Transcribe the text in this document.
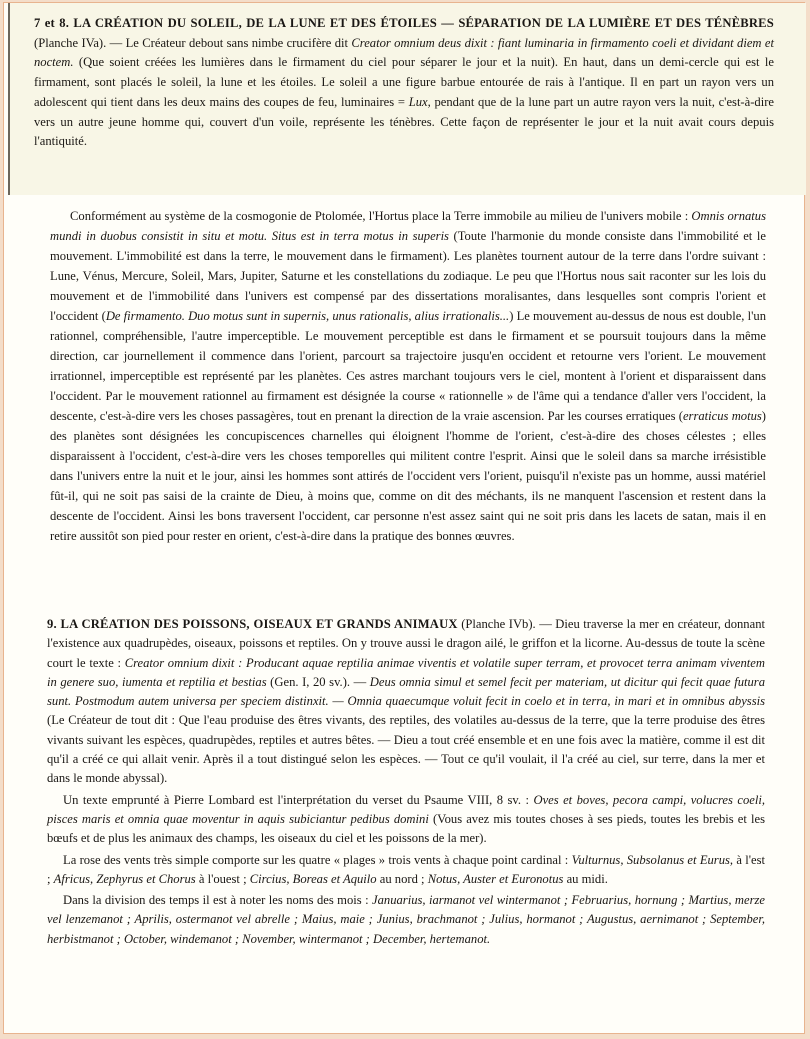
7 et 8. LA CRÉATION DU SOLEIL, DE LA LUNE ET DES ÉTOILES — SÉPARATION DE LA LUMIÈRE ET DES TÉNÈBRES (Planche IVa). — Le Créateur debout sans nimbe crucifère dit Creator omnium deus dixit : fiant luminaria in firmamento coeli et dividant diem et noctem. (Que soient créées les lumières dans le firmament du ciel pour séparer le jour et la nuit). En haut, dans un demi-cercle qui est le firmament, sont placés le soleil, la lune et les étoiles. Le soleil a une figure barbue entourée de rais à l'antique. Il en part un rayon vers un adolescent qui tient dans les deux mains des coupes de feu, luminaires = Lux, pendant que de la lune part un autre rayon vers la nuit, c'est-à-dire vers un autre jeune homme qui, couvert d'un voile, représente les ténèbres. Cette façon de représenter le jour et la nuit avait cours depuis l'antiquité.

Conformément au système de la cosmogonie de Ptolomée, l'Hortus place la Terre immobile au milieu de l'univers mobile : Omnis ornatus mundi in duobus consistit in situ et motu. Situs est in terra motus in superis (Toute l'harmonie du monde consiste dans l'immobilité et le mouvement. L'immobilité est dans la terre, le mouvement dans le firmament). Les planètes tournent autour de la terre dans l'ordre suivant : Lune, Vénus, Mercure, Soleil, Mars, Jupiter, Saturne et les constellations du zodiaque. Le peu que l'Hortus nous sait raconter sur les lois du mouvement et de l'immobilité dans l'univers est compensé par des dissertations moralisantes, dans lesquelles sont compris l'orient et l'occident (De firmamento. Duo motus sunt in supernis, unus rationalis, alius irrationalis...) Le mouvement au-dessus de nous est double, l'un rationnel, compréhensible, l'autre imperceptible. Le mouvement perceptible est dans le firmament et se poursuit toujours dans la même direction, car journellement il commence dans l'orient, parcourt sa trajectoire jusqu'en occident et retourne vers l'orient. Le mouvement irrationnel, imperceptible est représenté par les planètes. Ces astres marchant toujours vers le ciel, montent à l'orient et disparaissent dans l'occident. Par le mouvement rationnel au firmament est désignée la course « rationnelle » de l'âme qui a tendance d'aller vers l'occident, la descente, c'est-à-dire vers les choses passagères, tout en prenant la direction de la vraie ascension. Par les courses erratiques (erraticus motus) des planètes sont désignées les concupiscences charnelles qui éloignent l'homme de l'orient, c'est-à-dire des choses célestes ; elles disparaissent à l'occident, c'est-à-dire vers les choses temporelles qui militent contre l'esprit. Ainsi que le soleil dans sa marche irrésistible dans l'univers entre la nuit et le jour, ainsi les hommes sont attirés de l'occident vers l'orient, puisqu'il n'existe pas un homme, aussi matériel fût-il, qui ne soit pas saisi de la crainte de Dieu, à moins que, comme on dit des méchants, ils ne manquent l'ascension et restent dans la descente de l'occident. Ainsi les bons traversent l'occident, car personne n'est assez saint qui ne soit pris dans les lacets de satan, mais il en retire aussitôt son pied pour rester en orient, c'est-à-dire dans la pratique des bonnes œuvres.

9. LA CRÉATION DES POISSONS, OISEAUX ET GRANDS ANIMAUX (Planche IVb). — Dieu traverse la mer en créateur, donnant l'existence aux quadrupèdes, oiseaux, poissons et reptiles. On y trouve aussi le dragon ailé, le griffon et la licorne. Au-dessus de toute la scène court le texte : Creator omnium dixit : Producant aquae reptilia animae viventis et volatile super terram, et provocet terra animam viventem in genere suo, iumenta et reptilia et bestias (Gen. I, 20 sv.). — Deus omnia simul et semel fecit per materiam, ut dicitur qui fecit quae futura sunt. Postmodum autem universa per speciem distinxit. — Omnia quaecumque voluit fecit in coelo et in terra, in mari et in omnibus abyssis (Le Créateur de tout dit : Que l'eau produise des êtres vivants, des reptiles, des volatiles au-dessus de la terre, que la terre produise des êtres vivants suivant les espèces, quadrupèdes, reptiles et autres bêtes. — Dieu a tout créé ensemble et en une fois avec la matière, comme il est dit qu'il a créé ce qui allait venir. Après il a tout distingué selon les espèces. — Tout ce qu'il voulait, il l'a créé au ciel, sur terre, dans la mer et dans le monde abyssal).

Un texte emprunté à Pierre Lombard est l'interprétation du verset du Psaume VIII, 8 sv. : Oves et boves, pecora campi, volucres coeli, pisces maris et omnia quae moventur in aquis subiciantur pedibus domini (Vous avez mis toutes choses à ses pieds, toutes les brebis et les bœufs et de plus les animaux des champs, les oiseaux du ciel et les poissons de la mer).

La rose des vents très simple comporte sur les quatre « plages » trois vents à chaque point cardinal : Vulturnus, Subsolanus et Eurus, à l'est ; Africus, Zephyrus et Chorus à l'ouest ; Circius, Boreas et Aquilo au nord ; Notus, Auster et Euronotus au midi.

Dans la division des temps il est à noter les noms des mois : Januarius, iarmanot vel wintermanot ; Februarius, hornung ; Martius, merze vel lenzemanot ; Aprilis, ostermanot vel abrelle ; Maius, maie ; Junius, brachmanot ; Julius, hormanot ; Augustus, aernimanot ; September, herbistmanot ; October, windemanot ; November, wintermanot ; December, hertemanot.
